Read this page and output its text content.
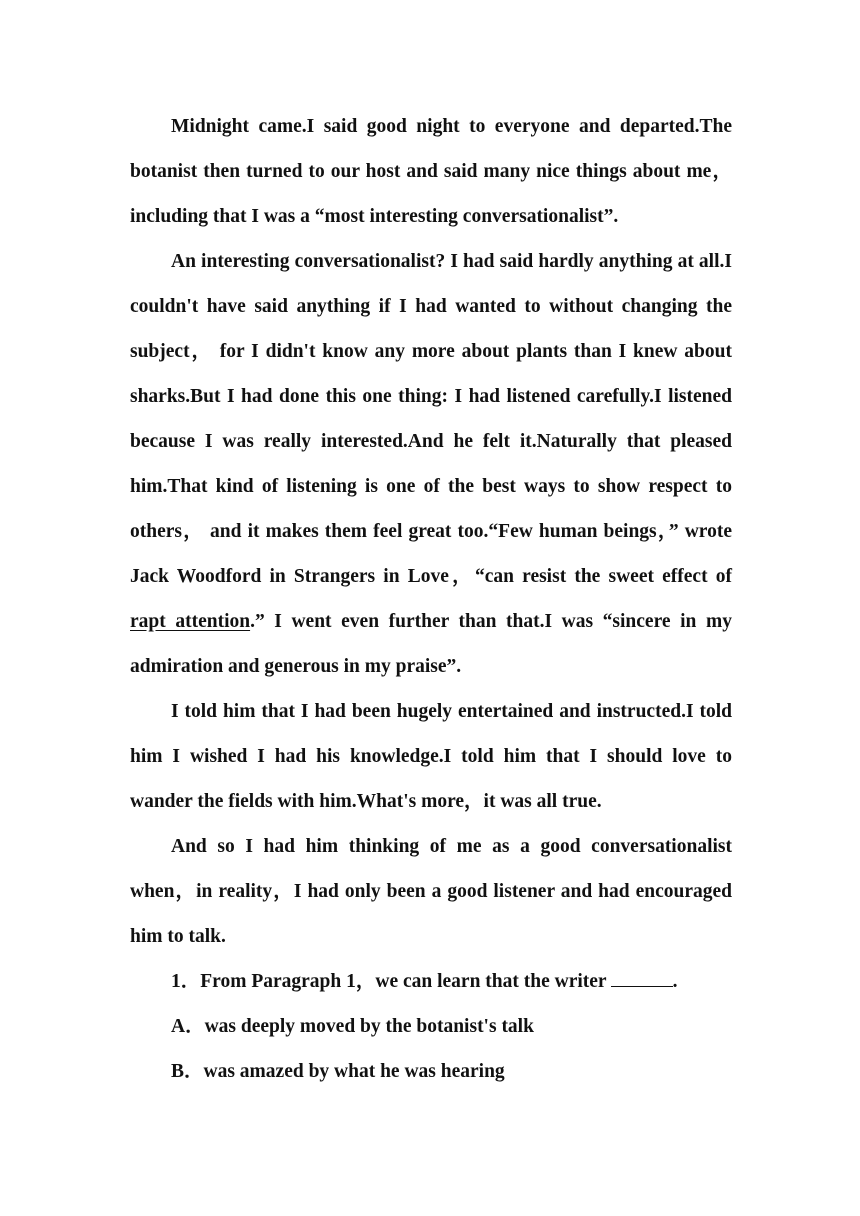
Midnight came.I said good night to everyone and departed.The botanist then turned to our host and said many nice things about me，including that I was a “most interesting conversationalist”.

An interesting conversationalist? I had said hardly anything at all.I couldn't have said anything if I had wanted to without changing the subject， for I didn't know any more about plants than I knew about sharks.But I had done this one thing: I had listened carefully.I listened because I was really interested.And he felt it.Naturally that pleased him.That kind of listening is one of the best ways to show respect to others， and it makes them feel great too.“Few human beings，” wrote Jack Woodford in Strangers in Love，“can resist the sweet effect of rapt attention.” I went even further than that.I was “sincere in my admiration and generous in my praise”.

I told him that I had been hugely entertained and instructed.I told him I wished I had his knowledge.I told him that I should love to wander the fields with him.What's more，it was all true.

And so I had him thinking of me as a good conversationalist when，in reality，I had only been a good listener and had encouraged him to talk.

1．From Paragraph 1，we can learn that the writer	.

A．was deeply moved by the botanist's talk

B．was amazed by what he was hearing
